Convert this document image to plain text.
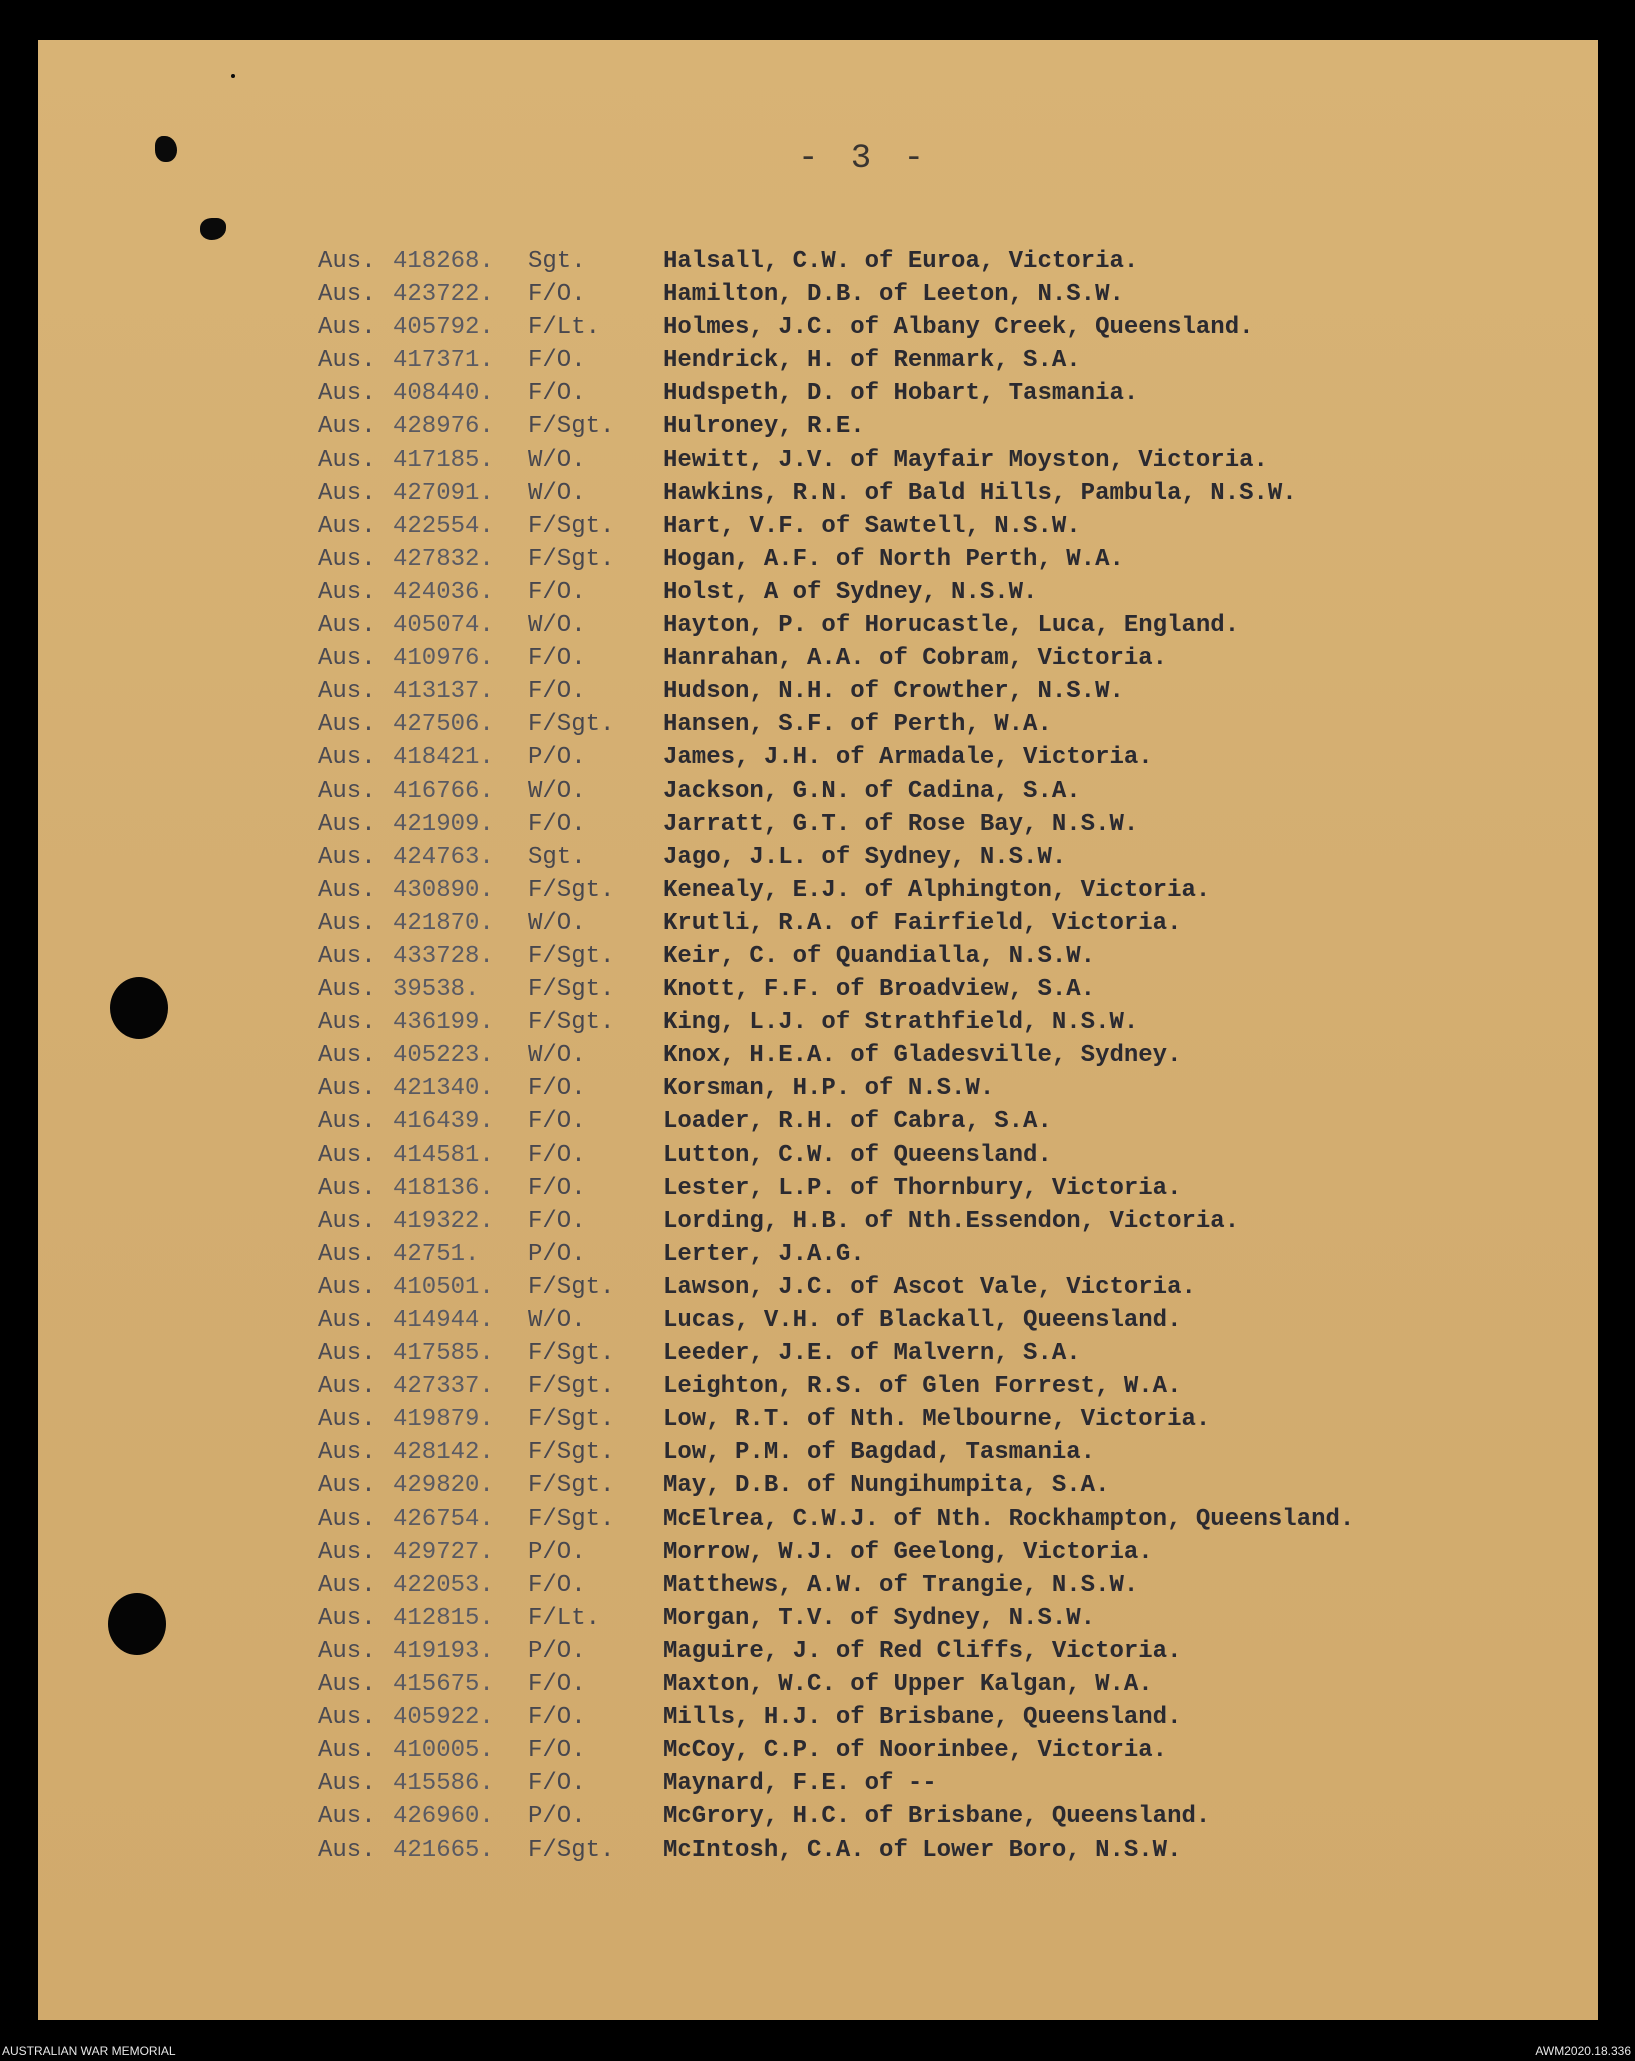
- 3 -
Aus. 418268. Sgt.	Halsall, C.W. of Euroa, Victoria.
Aus. 423722. F/O.	Hamilton, D.B. of Leeton, N.S.W.
Aus. 405792. F/Lt.	Holmes, J.C. of Albany Creek, Queensland.
Aus. 417371. F/O.	Hendrick, H. of Renmark, S.A.
Aus. 408440. F/O.	Hudspeth, D. of Hobart, Tasmania.
Aus. 428976. F/Sgt. Hulroney, R.E.
Aus. 417185. W/O.	Hewitt, J.V. of Mayfair Moyston, Victoria.
Aus. 427091. W/O.	Hawkins, R.N. of Bald Hills, Pambula, N.S.W.
Aus. 422554. F/Sgt. Hart, V.F. of Sawtell, N.S.W.
Aus. 427832. F/Sgt. Hogan, A.F. of North Perth, W.A.
Aus. 424036. F/O.	Holst, A of Sydney, N.S.W.
Aus. 405074. W/O.	Hayton, P. of Horucastle, Luca, England.
Aus. 410976. F/O.	Hanrahan, A.A. of Cobram, Victoria.
Aus. 413137. F/O.	Hudson, N.H. of Crowther, N.S.W.
Aus. 427506. F/Sgt. Hansen, S.F. of Perth, W.A.
Aus. 418421. P/O.	James, J.H. of Armadale, Victoria.
Aus. 416766. W/O.	Jackson, G.N. of Cadina, S.A.
Aus. 421909. F/O.	Jarratt, G.T. of Rose Bay, N.S.W.
Aus. 424763. Sgt.	Jago, J.L. of Sydney, N.S.W.
Aus. 430890. F/Sgt. Kenealy, E.J. of Alphington, Victoria.
Aus. 421870. W/O.	Krutli, R.A. of Fairfield, Victoria.
Aus. 433728. F/Sgt. Keir, C. of Quandialla, N.S.W.
Aus. 39538. F/Sgt. Knott, F.F. of Broadview, S.A.
Aus. 436199. F/Sgt. King, L.J. of Strathfield, N.S.W.
Aus. 405223. W/O.	Knox, H.E.A. of Gladesville, Sydney.
Aus. 421340. F/O.	Korsman, H.P. of N.S.W.
Aus. 416439. F/O.	Loader, R.H. of Cabra, S.A.
Aus. 414581. F/O.	Lutton, C.W. of Queensland.
Aus. 418136. F/O.	Lester, L.P. of Thornbury, Victoria.
Aus. 419322. F/O.	Lording, H.B. of Nth.Essendon, Victoria.
Aus. 42751. P/O.	Lerter, J.A.G.
Aus. 410501. F/Sgt. Lawson, J.C. of Ascot Vale, Victoria.
Aus. 414944. W/O.	Lucas, V.H. of Blackall, Queensland.
Aus. 417585. F/Sgt. Leeder, J.E. of Malvern, S.A.
Aus. 427337. F/Sgt. Leighton, R.S. of Glen Forrest, W.A.
Aus. 419879. F/Sgt. Low, R.T. of Nth. Melbourne, Victoria.
Aus. 428142. F/Sgt. Low, P.M. of Bagdad, Tasmania.
Aus. 429820. F/Sgt. May, D.B. of Nungihumpita, S.A.
Aus. 426754. F/Sgt. McElrea, C.W.J. of Nth. Rockhampton, Queensland.
Aus. 429727. P/O.	Morrow, W.J. of Geelong, Victoria.
Aus. 422053. F/O.	Matthews, A.W. of Trangie, N.S.W.
Aus. 412815. F/Lt.	Morgan, T.V. of Sydney, N.S.W.
Aus. 419193. P/O.	Maguire, J. of Red Cliffs, Victoria.
Aus. 415675. F/O.	Maxton, W.C. of Upper Kalgan, W.A.
Aus. 405922. F/O.	Mills, H.J. of Brisbane, Queensland.
Aus. 410005. F/O.	McCoy, C.P. of Noorinbee, Victoria.
Aus. 415586. F/O.	Maynard, F.E. of --
Aus. 426960. P/O.	McGrory, H.C. of Brisbane, Queensland.
Aus. 421665. F/Sgt. McIntosh, C.A. of Lower Boro, N.S.W.
AUSTRALIAN WAR MEMORIAL	AWM2020.18.336
